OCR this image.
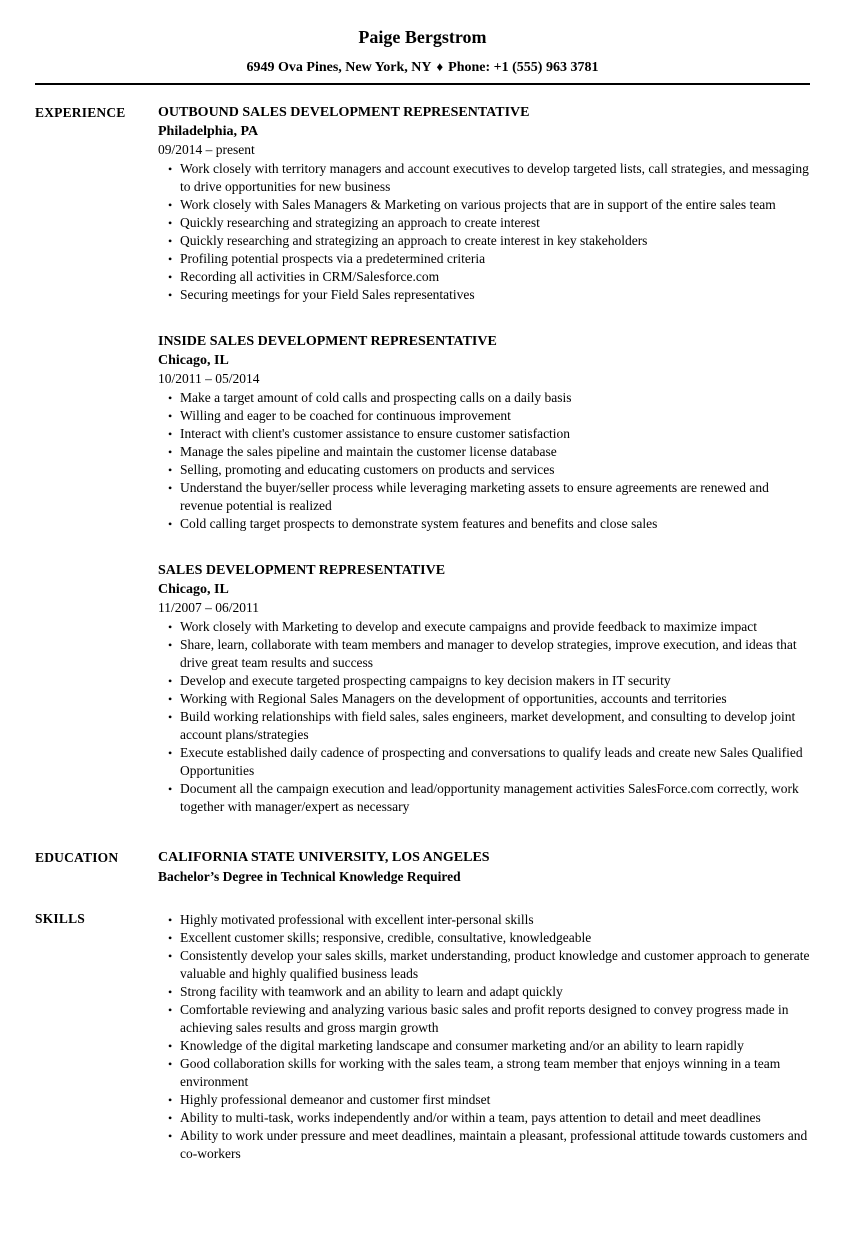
Paige Bergstrom
6949 Ova Pines, New York, NY ♦ Phone: +1 (555) 963 3781
EXPERIENCE	OUTBOUND SALES DEVELOPMENT REPRESENTATIVE
Philadelphia, PA
09/2014 – present
• Work closely with territory managers and account executives to develop targeted lists, call strategies, and messaging to drive opportunities for new business
• Work closely with Sales Managers & Marketing on various projects that are in support of the entire sales team
• Quickly researching and strategizing an approach to create interest
• Quickly researching and strategizing an approach to create interest in key stakeholders
• Profiling potential prospects via a predetermined criteria
• Recording all activities in CRM/Salesforce.com
• Securing meetings for your Field Sales representatives
INSIDE SALES DEVELOPMENT REPRESENTATIVE
Chicago, IL
10/2011 – 05/2014
• Make a target amount of cold calls and prospecting calls on a daily basis
• Willing and eager to be coached for continuous improvement
• Interact with client's customer assistance to ensure customer satisfaction
• Manage the sales pipeline and maintain the customer license database
• Selling, promoting and educating customers on products and services
• Understand the buyer/seller process while leveraging marketing assets to ensure agreements are renewed and revenue potential is realized
• Cold calling target prospects to demonstrate system features and benefits and close sales
SALES DEVELOPMENT REPRESENTATIVE
Chicago, IL
11/2007 – 06/2011
• Work closely with Marketing to develop and execute campaigns and provide feedback to maximize impact
• Share, learn, collaborate with team members and manager to develop strategies, improve execution, and ideas that drive great team results and success
• Develop and execute targeted prospecting campaigns to key decision makers in IT security
• Working with Regional Sales Managers on the development of opportunities, accounts and territories
• Build working relationships with field sales, sales engineers, market development, and consulting to develop joint account plans/strategies
• Execute established daily cadence of prospecting and conversations to qualify leads and create new Sales Qualified Opportunities
• Document all the campaign execution and lead/opportunity management activities SalesForce.com correctly, work together with manager/expert as necessary
EDUCATION	CALIFORNIA STATE UNIVERSITY, LOS ANGELES
Bachelor’s Degree in Technical Knowledge Required
SKILLS	• Highly motivated professional with excellent inter-personal skills
• Excellent customer skills; responsive, credible, consultative, knowledgeable
• Consistently develop your sales skills, market understanding, product knowledge and customer approach to generate valuable and highly qualified business leads
• Strong facility with teamwork and an ability to learn and adapt quickly
• Comfortable reviewing and analyzing various basic sales and profit reports designed to convey progress made in achieving sales results and gross margin growth
• Knowledge of the digital marketing landscape and consumer marketing and/or an ability to learn rapidly
• Good collaboration skills for working with the sales team, a strong team member that enjoys winning in a team environment
• Highly professional demeanor and customer first mindset
• Ability to multi-task, works independently and/or within a team, pays attention to detail and meet deadlines
• Ability to work under pressure and meet deadlines, maintain a pleasant, professional attitude towards customers and co-workers
